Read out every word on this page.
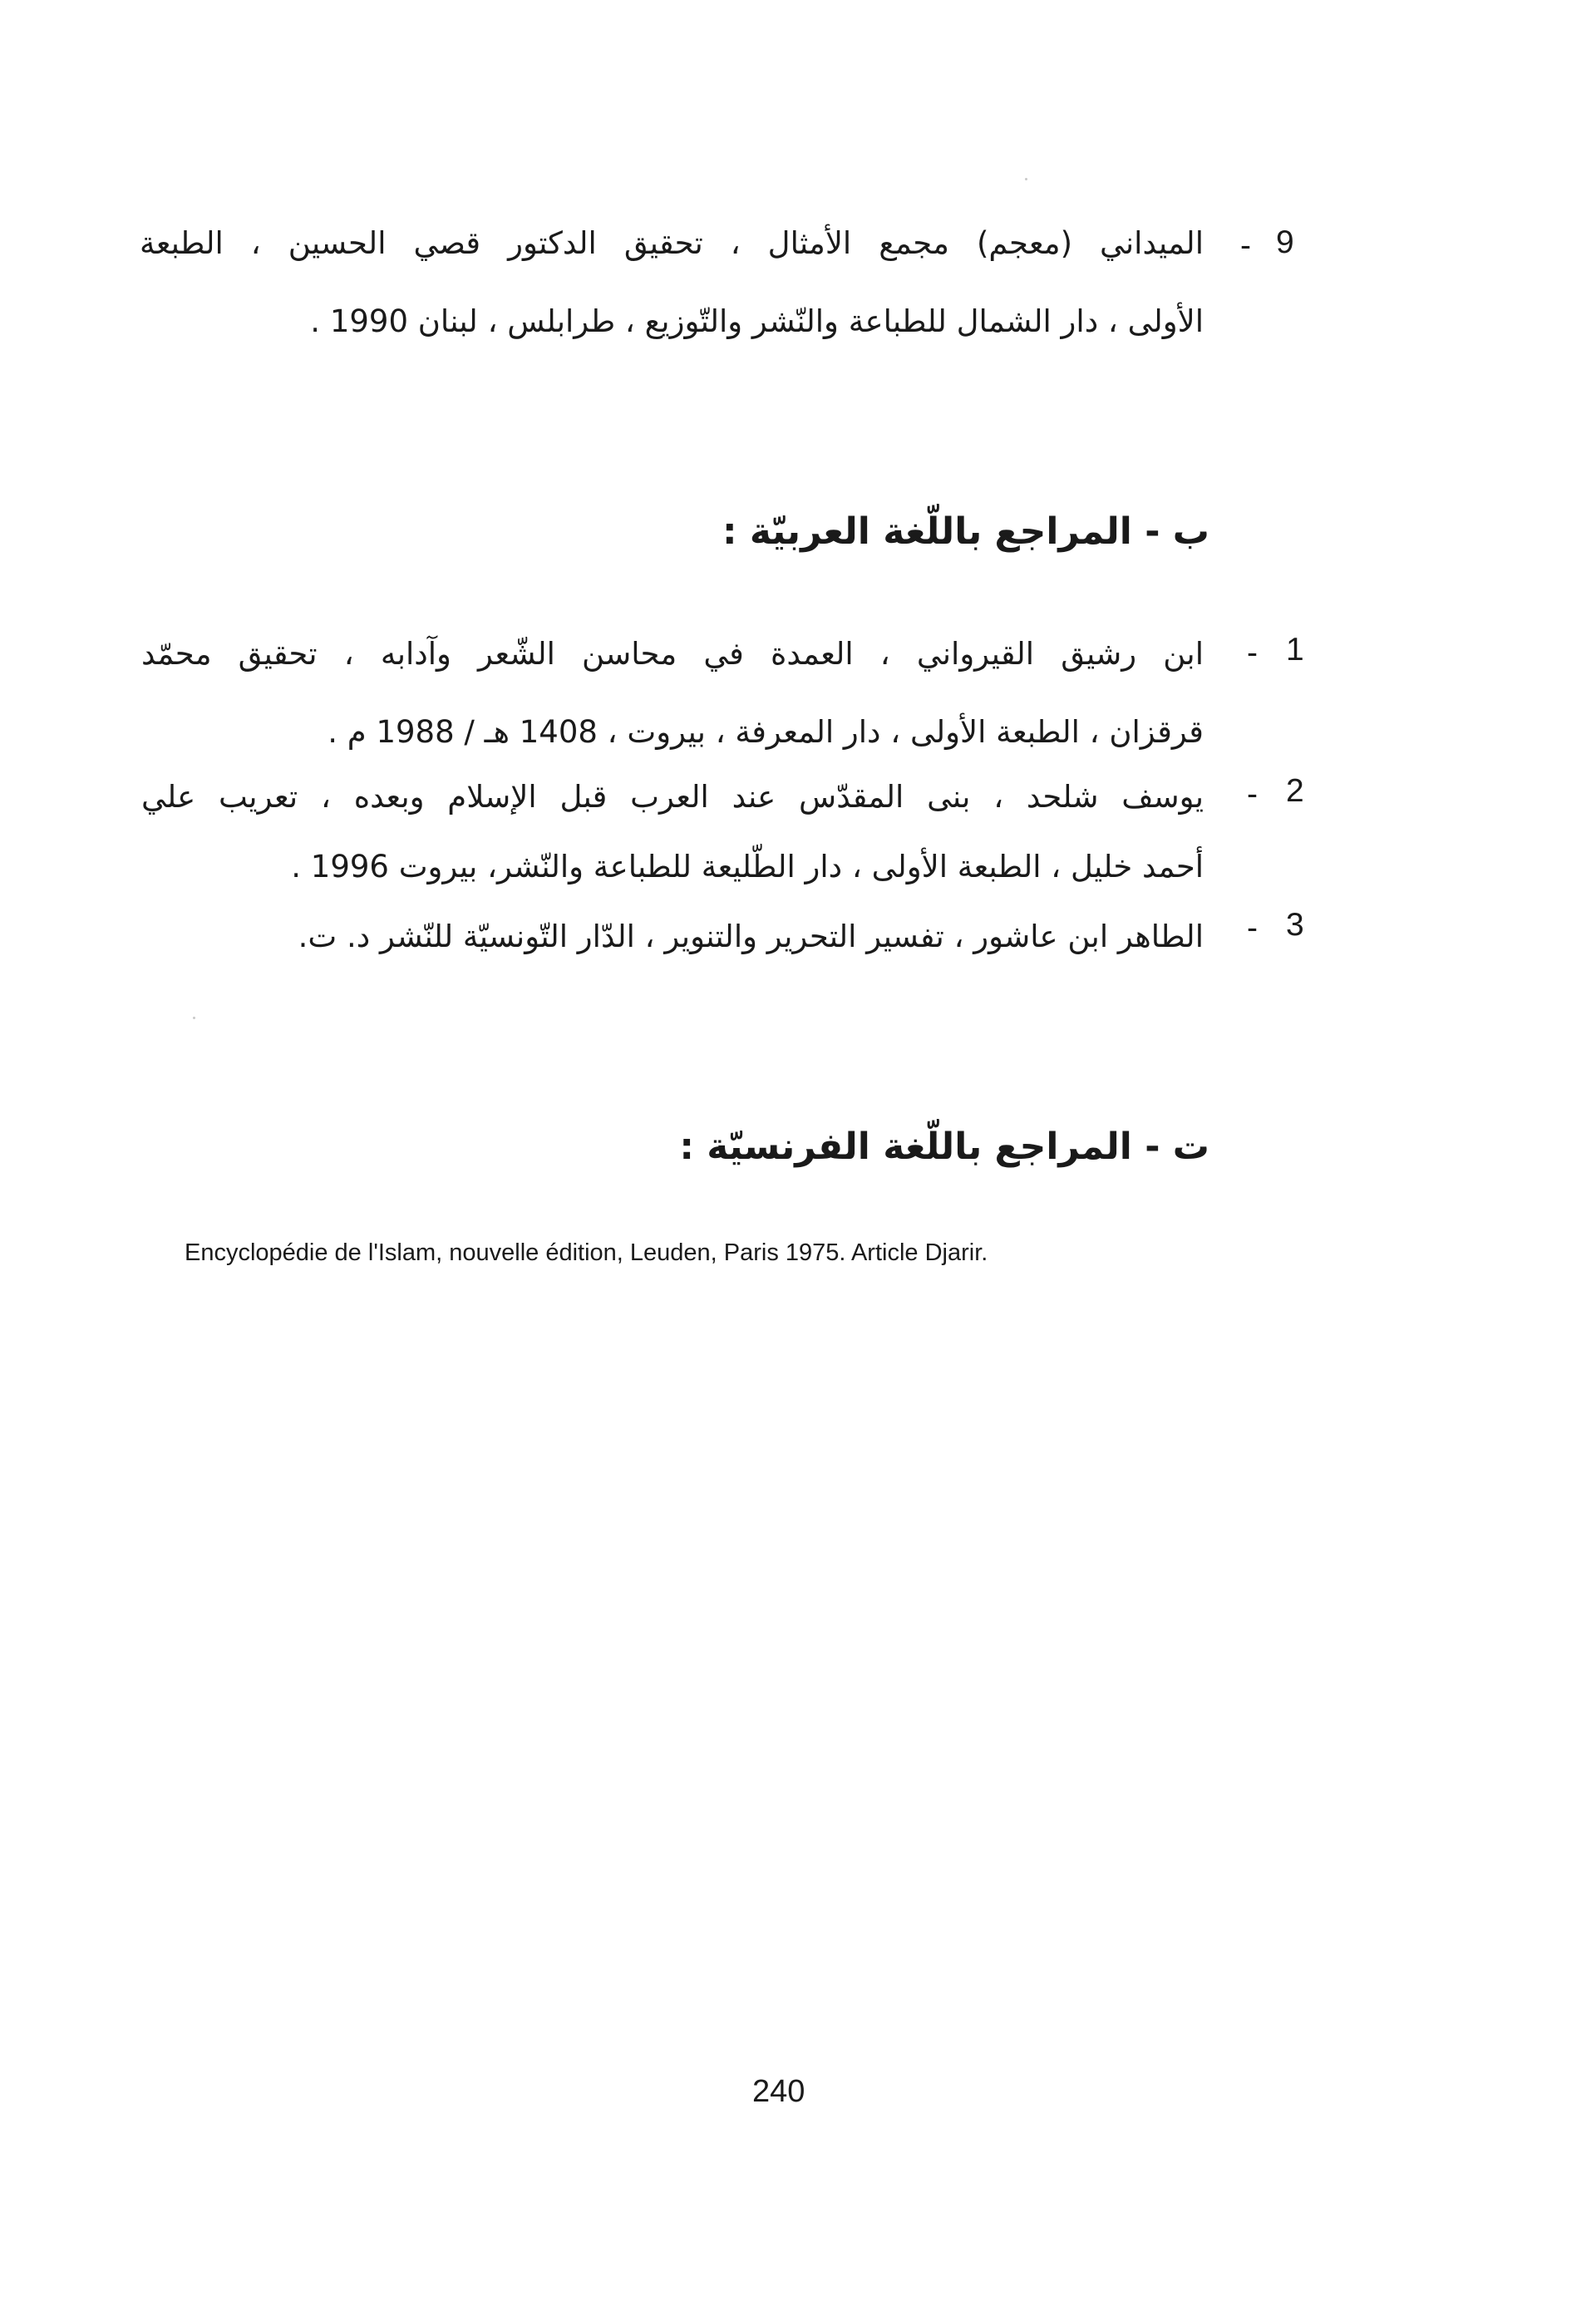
9
-
الميداني (معجم) مجمع الأمثال ، تحقيق الدكتور قصي الحسين ، الطبعة
الأولى ، دار الشمال للطباعة والنّشر والتّوزيع ، طرابلس ، لبنان 1990 .
ب - المراجع باللّغة العربيّة :
1
-
ابن رشيق القيرواني ، العمدة في محاسن الشّعر وآدابه ، تحقيق محمّد
قرقزان ، الطبعة الأولى ، دار المعرفة ، بيروت ، 1408 هـ / 1988 م .
2
-
يوسف شلحد ، بنى المقدّس عند العرب قبل الإسلام وبعده ، تعريب علي
أحمد خليل ، الطبعة الأولى ، دار الطّليعة للطباعة والنّشر، بيروت 1996 .
3
-
الطاهر ابن عاشور ، تفسير التحرير والتنوير ، الدّار التّونسيّة للنّشر د. ت.
ت - المراجع باللّغة الفرنسيّة :
Encyclopédie de l'Islam, nouvelle édition, Leuden, Paris 1975. Article Djarir.
240
